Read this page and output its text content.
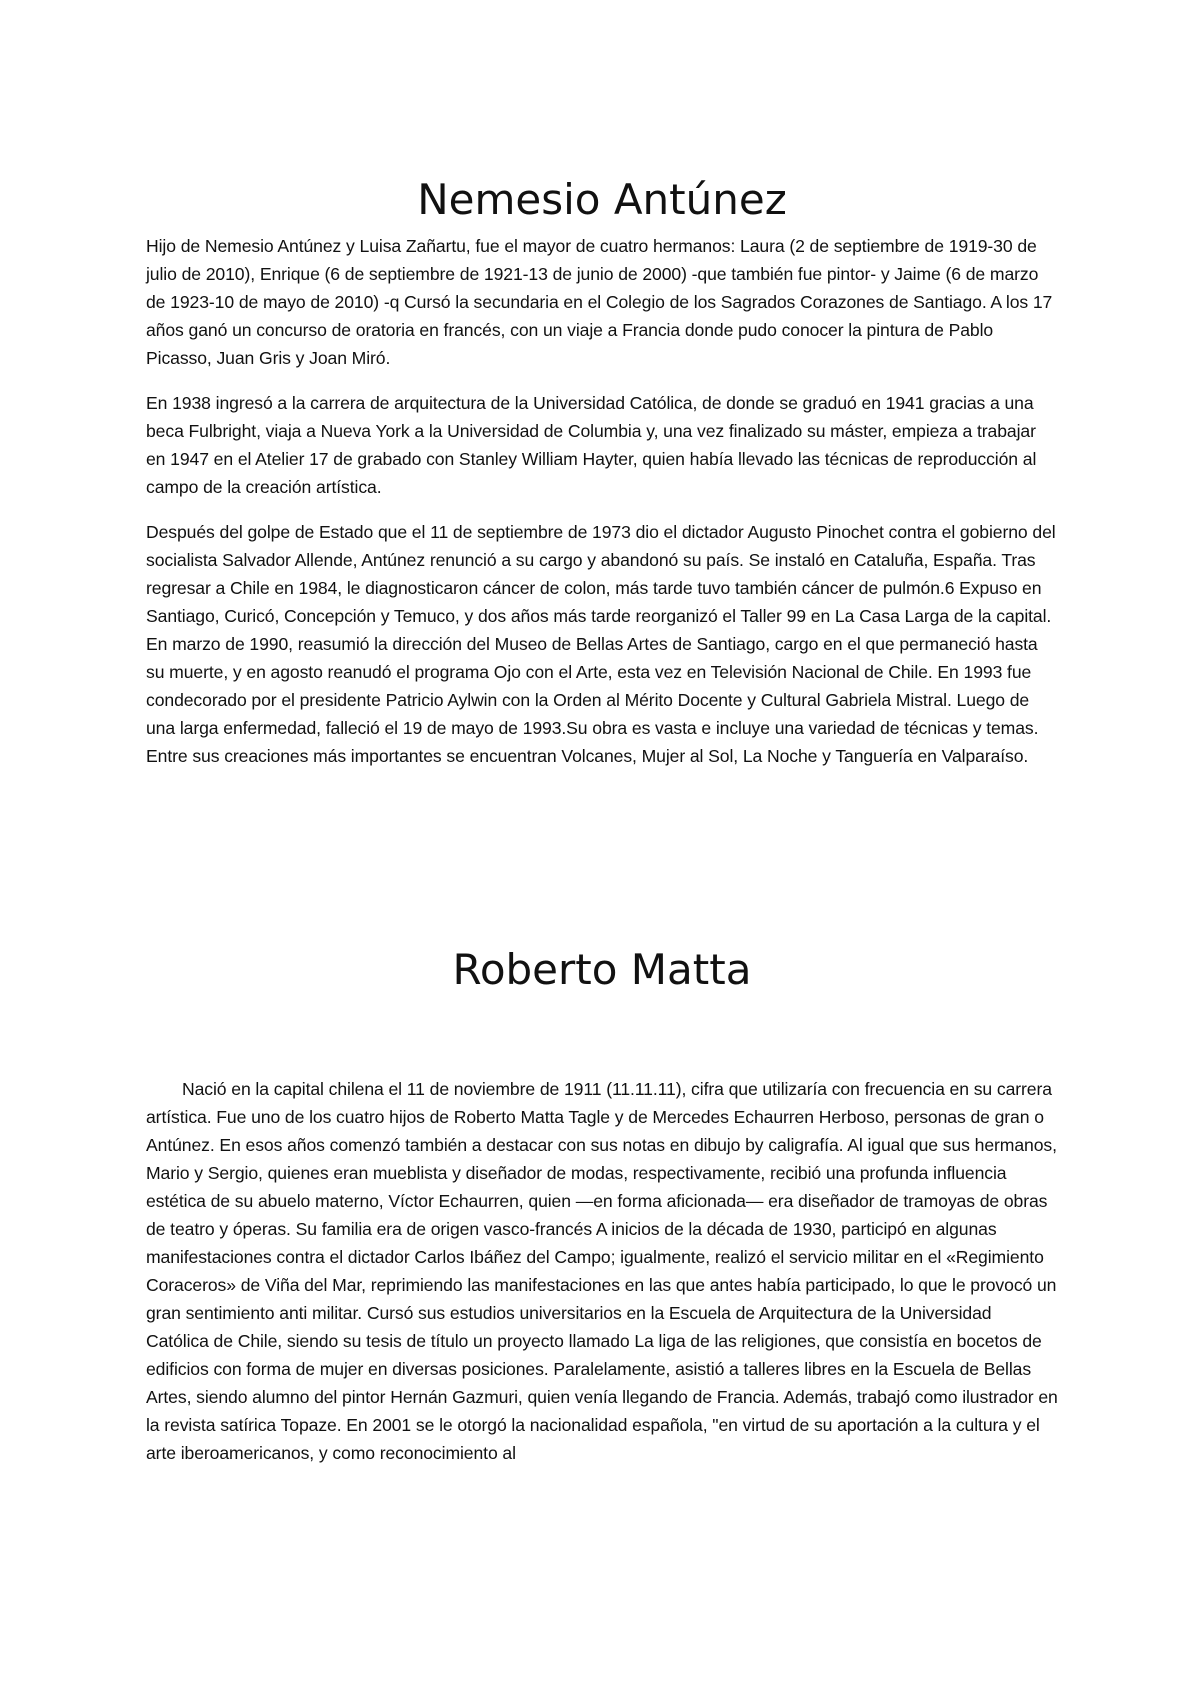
Nemesio Antúnez

Hijo de Nemesio Antúnez y Luisa Zañartu, fue el mayor de cuatro hermanos: Laura (2 de septiembre de 1919-30 de julio de 2010), Enrique (6 de septiembre de 1921-13 de junio de 2000) -que también fue pintor- y Jaime (6 de marzo de 1923-10 de mayo de 2010) -q Cursó la secundaria en el Colegio de los Sagrados Corazones de Santiago. A los 17 años ganó un concurso de oratoria en francés, con un viaje a Francia donde pudo conocer la pintura de Pablo Picasso, Juan Gris y Joan Miró.

En 1938 ingresó a la carrera de arquitectura de la Universidad Católica, de donde se graduó en 1941 gracias a una beca Fulbright, viaja a Nueva York a la Universidad de Columbia y, una vez finalizado su máster, empieza a trabajar en 1947 en el Atelier 17 de grabado con Stanley William Hayter, quien había llevado las técnicas de reproducción al campo de la creación artística.

Después del golpe de Estado que el 11 de septiembre de 1973 dio el dictador Augusto Pinochet contra el gobierno del socialista Salvador Allende, Antúnez renunció a su cargo y abandonó su país. Se instaló en Cataluña, España. Tras regresar a Chile en 1984, le diagnosticaron cáncer de colon, más tarde tuvo también cáncer de pulmón.6 Expuso en Santiago, Curicó, Concepción y Temuco, y dos años más tarde reorganizó el Taller 99 en La Casa Larga de la capital. En marzo de 1990, reasumió la dirección del Museo de Bellas Artes de Santiago, cargo en el que permaneció hasta su muerte, y en agosto reanudó el programa Ojo con el Arte, esta vez en Televisión Nacional de Chile. En 1993 fue condecorado por el presidente Patricio Aylwin con la Orden al Mérito Docente y Cultural Gabriela Mistral. Luego de una larga enfermedad, falleció el 19 de mayo de 1993.Su obra es vasta e incluye una variedad de técnicas y temas. Entre sus creaciones más importantes se encuentran Volcanes, Mujer al Sol, La Noche y Tanguería en Valparaíso.

Roberto Matta

Nació en la capital chilena el 11 de noviembre de 1911 (11.11.11), cifra que utilizaría con frecuencia en su carrera artística. Fue uno de los cuatro hijos de Roberto Matta Tagle y de Mercedes Echaurren Herboso, personas de gran o Antúnez. En esos años comenzó también a destacar con sus notas en dibujo by caligrafía. Al igual que sus hermanos, Mario y Sergio, quienes eran mueblista y diseñador de modas, respectivamente, recibió una profunda influencia estética de su abuelo materno, Víctor Echaurren, quien —en forma aficionada— era diseñador de tramoyas de obras de teatro y óperas. Su familia era de origen vasco-francés A inicios de la década de 1930, participó en algunas manifestaciones contra el dictador Carlos Ibáñez del Campo; igualmente, realizó el servicio militar en el «Regimiento Coraceros» de Viña del Mar, reprimiendo las manifestaciones en las que antes había participado, lo que le provocó un gran sentimiento anti militar. Cursó sus estudios universitarios en la Escuela de Arquitectura de la Universidad Católica de Chile, siendo su tesis de título un proyecto llamado La liga de las religiones, que consistía en bocetos de edificios con forma de mujer en diversas posiciones. Paralelamente, asistió a talleres libres en la Escuela de Bellas Artes, siendo alumno del pintor Hernán Gazmuri, quien venía llegando de Francia. Además, trabajó como ilustrador en la revista satírica Topaze. En 2001 se le otorgó la nacionalidad española, "en virtud de su aportación a la cultura y el arte iberoamericanos, y como reconocimiento al
